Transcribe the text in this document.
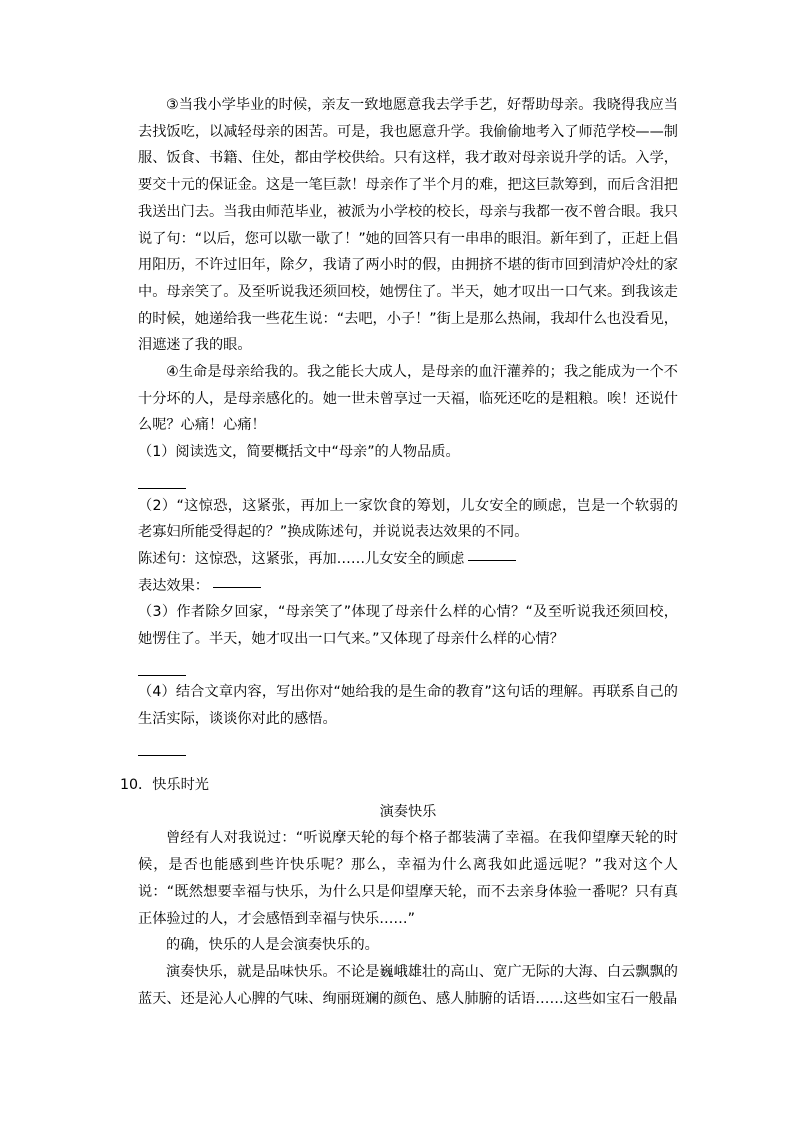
③当我小学毕业的时候，亲友一致地愿意我去学手艺，好帮助母亲。我晓得我应当去找饭吃，以减轻母亲的困苦。可是，我也愿意升学。我偷偷地考入了师范学校——制服、饭食、书籍、住处，都由学校供给。只有这样，我才敢对母亲说升学的话。入学，要交十元的保证金。这是一笔巨款！母亲作了半个月的难，把这巨款筹到，而后含泪把我送出门去。当我由师范毕业，被派为小学校的校长，母亲与我都一夜不曾合眼。我只说了句：“以后，您可以歇一歇了！”她的回答只有一串串的眼泪。新年到了，正赶上倡用阳历，不许过旧年，除夕，我请了两小时的假，由拥挤不堪的街市回到清炉冷灶的家中。母亲笑了。及至听说我还须回校，她愣住了。半天，她才叹出一口气来。到我该走的时候，她递给我一些花生说：“去吧，小子！”街上是那么热闹，我却什么也没看见，泪遮迷了我的眼。

④生命是母亲给我的。我之能长大成人，是母亲的血汗灌养的；我之能成为一个不十分坏的人，是母亲感化的。她一世未曾享过一天福，临死还吃的是粗粮。唉！还说什么呢？心痛！心痛！

（1）阅读选文，简要概括文中“母亲”的人物品质。

（2）“这惊恐，这紧张，再加上一家饮食的筹划，儿女安全的顾虑，岂是一个软弱的老寡妇所能受得起的？”换成陈述句，并说说表达效果的不同。

陈述句：这惊恐，这紧张，再加……儿女安全的顾虑

表达效果：

（3）作者除夕回家，“母亲笑了”体现了母亲什么样的心情？“及至听说我还须回校，她愣住了。半天，她才叹出一口气来。”又体现了母亲什么样的心情？

（4）结合文章内容，写出你对“她给我的是生命的教育”这句话的理解。再联系自己的生活实际，谈谈你对此的感悟。

10．快乐时光

演奏快乐

曾经有人对我说过：“听说摩天轮的每个格子都装满了幸福。在我仰望摩天轮的时候，是否也能感到些许快乐呢？那么，幸福为什么离我如此遥远呢？”我对这个人说：“既然想要幸福与快乐，为什么只是仰望摩天轮，而不去亲身体验一番呢？只有真正体验过的人，才会感悟到幸福与快乐……”

的确，快乐的人是会演奏快乐的。

演奏快乐，就是品味快乐。不论是巍峨雄壮的高山、宽广无际的大海、白云飘飘的蓝天、还是沁人心脾的气味、绚丽斑斓的颜色、感人肺腑的话语……这些如宝石一般晶
